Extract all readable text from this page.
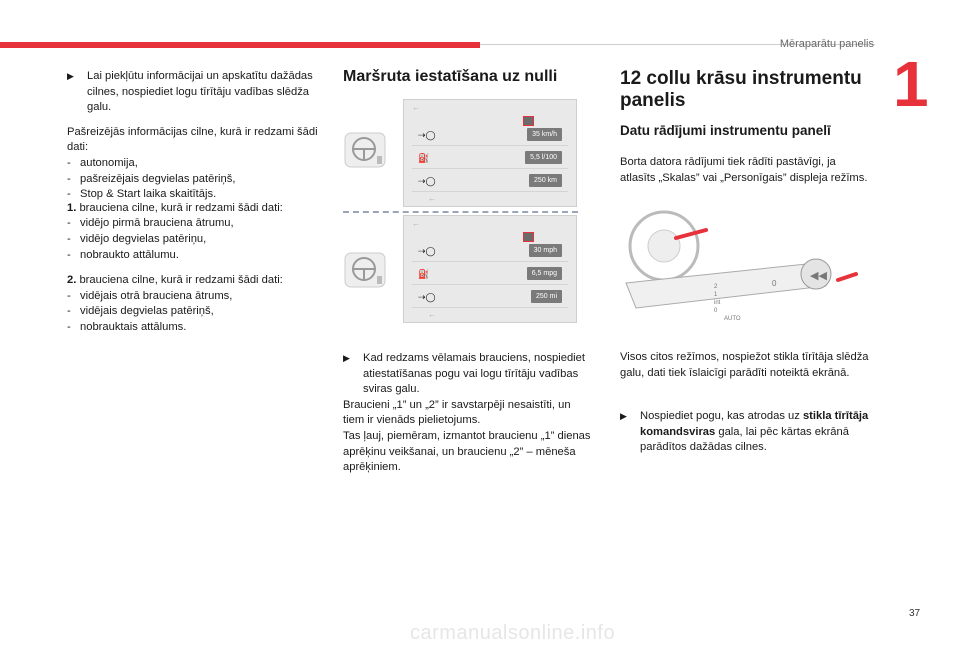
Mēraparātu panelis
1
▶ Lai piekļūtu informācijai un apskatītu dažādas cilnes, nospiediet logu tīrītāju vadības slēdža galu.

Pašreizējās informācijas cilne, kurā ir redzami šādi dati:

- autonomija,
- pašreizējais degvielas patēriņš,
- Stop & Start laika skaitītājs.

1. brauciena cilne, kurā ir redzami šādi dati:

- vidējo pirmā brauciena ātrumu,
- vidējo degvielas patēriņu,
- nobraukto attālumu.

2. brauciena cilne, kurā ir redzami šādi dati:

- vidējais otrā brauciena ātrums,
- vidējais degvielas patēriņš,
- nobrauktais attālums.
Maršruta iestatīšana uz nulli
←
⇢◯	35 km/h
⛽	5,5 l/100
⇢◯	250 km
←
←
⇢◯	30 mph
⛽	6,5 mpg
⇢◯	250 mi
←
▶ Kad redzams vēlamais brauciens, nospiediet atiestatīšanas pogu vai logu tīrītāju vadības sviras galu.

Braucieni „1” un „2” ir savstarpēji nesaistīti, un tiem ir vienāds pielietojums.

Tas ļauj, piemēram, izmantot braucienu „1” dienas aprēķinu veikšanai, un braucienu „2” – mēneša aprēķiniem.

12 collu krāsu instrumentu panelis
Datu rādījumi instrumentu panelī
Borta datora rādījumi tiek rādīti pastāvīgi, ja atlasīts „Skalas” vai „Personīgais” displeja režīms.
◀◀
2
1
int
0
AUTO
0
Visos citos režīmos, nospiežot stikla tīrītāja slēdža galu, dati tiek īslaicīgi parādīti noteiktā ekrānā.
▶ Nospiediet pogu, kas atrodas uz stikla tīrītāja komandsviras gala, lai pēc kārtas ekrānā parādītos dažādas cilnes.
37
carmanualsonline.info
